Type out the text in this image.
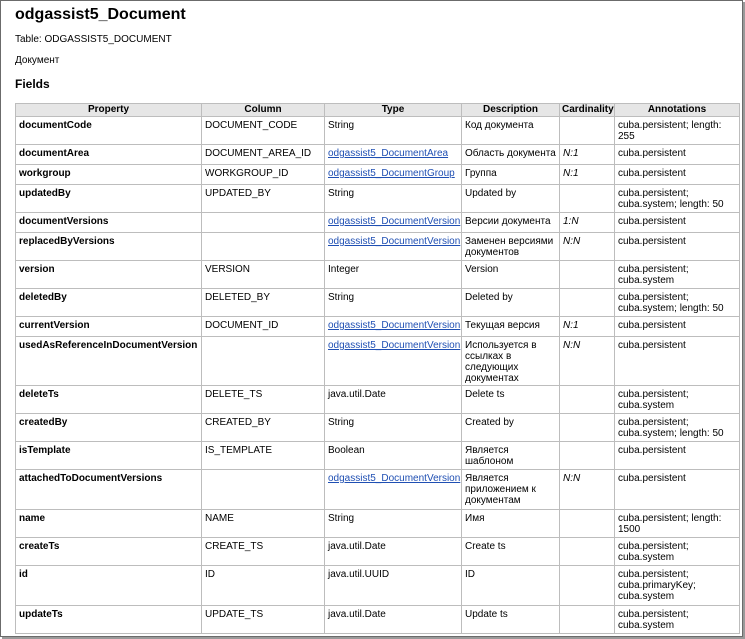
odgassist5_Document
Table: ODGASSIST5_DOCUMENT
Документ
Fields
Property	Column	Type	Description	Cardinality	Annotations
documentCode	DOCUMENT_CODE	String	Код документа		cuba.persistent; length:
255

documentArea	DOCUMENT_AREA_ID	odgassist5_DocumentArea	Область документа	N:1	cuba.persistent

workgroup	WORKGROUP_ID	odgassist5_DocumentGroup	Группа	N:1	cuba.persistent

updatedBy	UPDATED_BY	String	Updated by		cuba.persistent;
cuba.system; length: 50

documentVersions		odgassist5_DocumentVersion	Версии документа	1:N	cuba.persistent

replacedByVersions		odgassist5_DocumentVersion	Заменен версиями документов	N:N	cuba.persistent

version	VERSION	Integer	Version		cuba.persistent;
cuba.system

deletedBy	DELETED_BY	String	Deleted by		cuba.persistent;
cuba.system; length: 50

currentVersion	DOCUMENT_ID	odgassist5_DocumentVersion	Текущая версия	N:1	cuba.persistent

usedAsReferenceInDocumentVersion		odgassist5_DocumentVersion	Используется в ссылках в следующих документах	N:N	cuba.persistent

deleteTs	DELETE_TS	java.util.Date	Delete ts		cuba.persistent;
cuba.system

createdBy	CREATED_BY	String	Created by		cuba.persistent;
cuba.system; length: 50

isTemplate	IS_TEMPLATE	Boolean	Является шаблоном		cuba.persistent

attachedToDocumentVersions		odgassist5_DocumentVersion	Является приложением к документам	N:N	cuba.persistent

name	NAME	String	Имя		cuba.persistent; length:
1500

createTs	CREATE_TS	java.util.Date	Create ts		cuba.persistent;
cuba.system

id	ID	java.util.UUID	ID		cuba.persistent;
cuba.primaryKey;
cuba.system

updateTs	UPDATE_TS	java.util.Date	Update ts		cuba.persistent;
cuba.system
